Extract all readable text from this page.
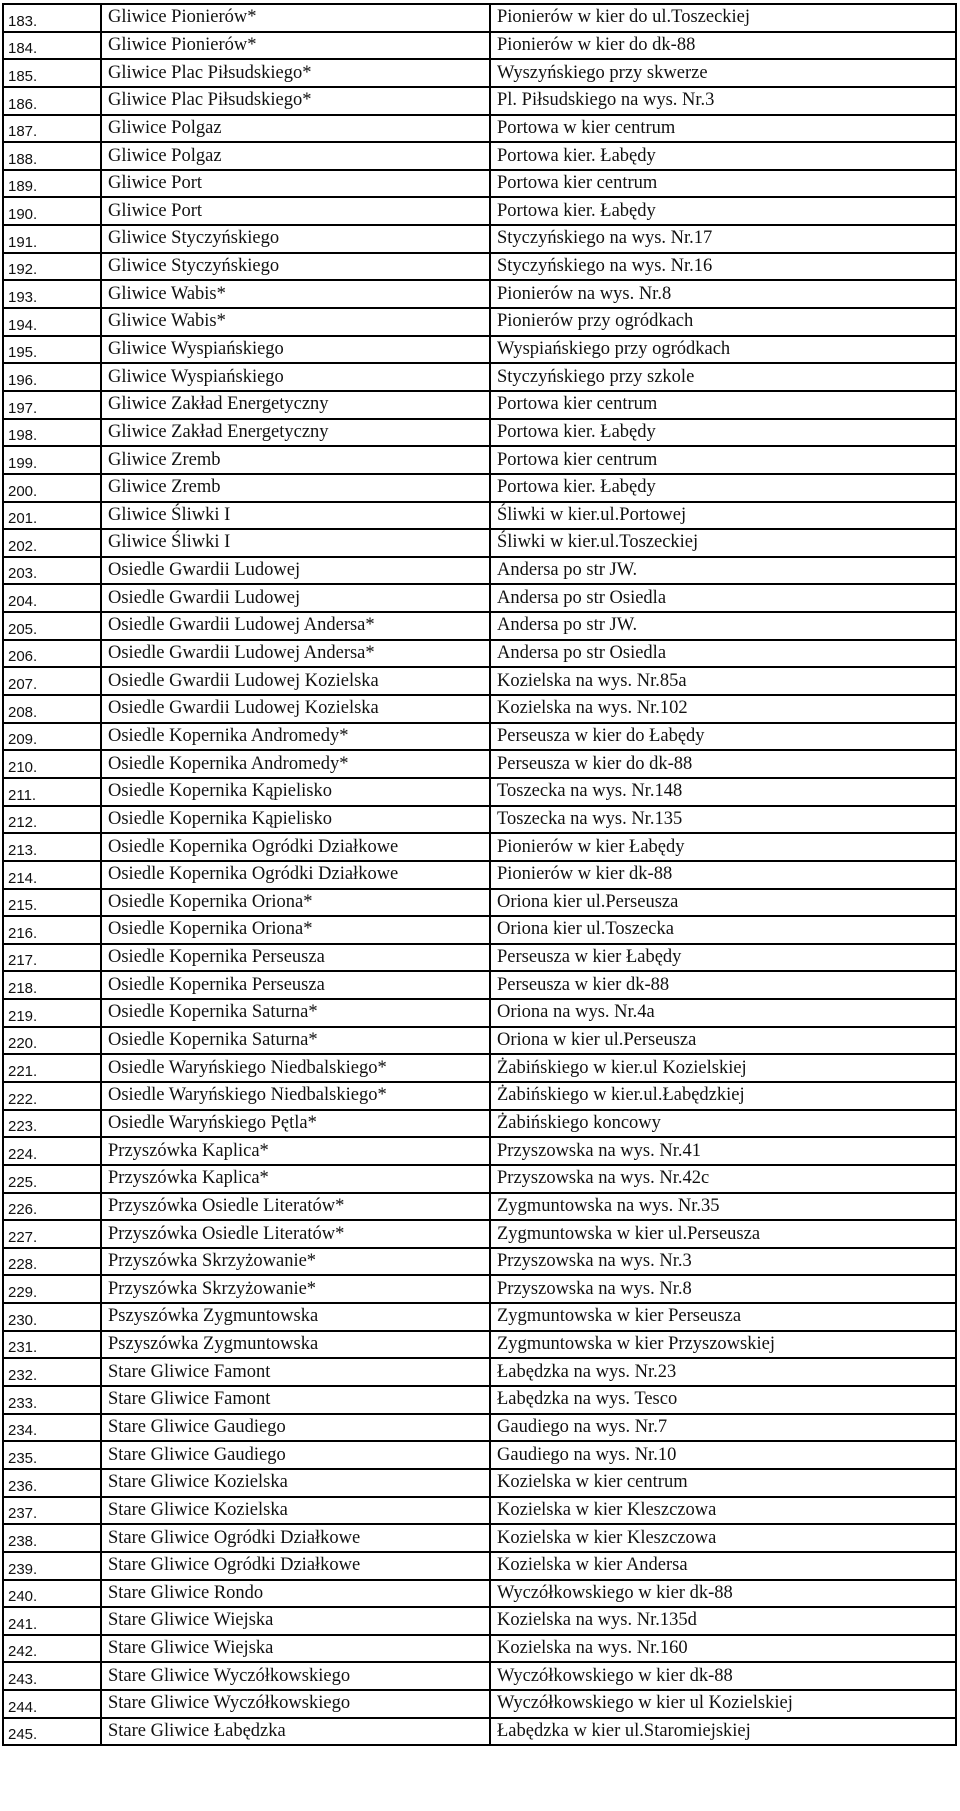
183.	Gliwice Pionierów*	Pionierów w kier do ul.Toszeckiej
184.	Gliwice Pionierów*	Pionierów w kier do dk-88
185.	Gliwice Plac Piłsudskiego*	Wyszyńskiego przy skwerze
186.	Gliwice Plac Piłsudskiego*	Pl. Piłsudskiego na wys. Nr.3
187.	Gliwice Polgaz	Portowa w kier centrum
188.	Gliwice Polgaz	Portowa kier. Łabędy
189.	Gliwice Port	Portowa kier centrum
190.	Gliwice Port	Portowa kier. Łabędy
191.	Gliwice Styczyńskiego	Styczyńskiego na wys. Nr.17
192.	Gliwice Styczyńskiego	Styczyńskiego na wys. Nr.16
193.	Gliwice Wabis*	Pionierów na wys. Nr.8
194.	Gliwice Wabis*	Pionierów przy ogródkach
195.	Gliwice Wyspiańskiego	Wyspiańskiego przy ogródkach
196.	Gliwice Wyspiańskiego	Styczyńskiego przy szkole
197.	Gliwice Zakład Energetyczny	Portowa kier centrum
198.	Gliwice Zakład Energetyczny	Portowa kier. Łabędy
199.	Gliwice Zremb	Portowa kier centrum
200.	Gliwice Zremb	Portowa kier. Łabędy
201.	Gliwice Śliwki I	Śliwki w kier.ul.Portowej
202.	Gliwice Śliwki I	Śliwki w kier.ul.Toszeckiej
203.	Osiedle Gwardii Ludowej	Andersa po str JW.
204.	Osiedle Gwardii Ludowej	Andersa po str Osiedla
205.	Osiedle Gwardii Ludowej Andersa*	Andersa po str JW.
206.	Osiedle Gwardii Ludowej Andersa*	Andersa po str Osiedla
207.	Osiedle Gwardii Ludowej Kozielska	Kozielska na wys. Nr.85a
208.	Osiedle Gwardii Ludowej Kozielska	Kozielska na wys. Nr.102
209.	Osiedle Kopernika Andromedy*	Perseusza w kier do Łabędy
210.	Osiedle Kopernika Andromedy*	Perseusza w kier do dk-88
211.	Osiedle Kopernika Kąpielisko	Toszecka na wys. Nr.148
212.	Osiedle Kopernika Kąpielisko	Toszecka na wys. Nr.135
213.	Osiedle Kopernika Ogródki Działkowe	Pionierów w kier Łabędy
214.	Osiedle Kopernika Ogródki Działkowe	Pionierów w kier dk-88
215.	Osiedle Kopernika Oriona*	Oriona kier ul.Perseusza
216.	Osiedle Kopernika Oriona*	Oriona kier ul.Toszecka
217.	Osiedle Kopernika Perseusza	Perseusza w kier Łabędy
218.	Osiedle Kopernika Perseusza	Perseusza w kier dk-88
219.	Osiedle Kopernika Saturna*	Oriona na wys. Nr.4a
220.	Osiedle Kopernika Saturna*	Oriona w kier ul.Perseusza
221.	Osiedle Waryńskiego Niedbalskiego*	Żabińskiego w kier.ul Kozielskiej
222.	Osiedle Waryńskiego Niedbalskiego*	Żabińskiego w kier.ul.Łabędzkiej
223.	Osiedle Waryńskiego Pętla*	Żabińskiego koncowy
224.	Przyszówka Kaplica*	Przyszowska na wys. Nr.41
225.	Przyszówka Kaplica*	Przyszowska na wys. Nr.42c
226.	Przyszówka Osiedle Literatów*	Zygmuntowska na wys. Nr.35
227.	Przyszówka Osiedle Literatów*	Zygmuntowska w kier ul.Perseusza
228.	Przyszówka Skrzyżowanie*	Przyszowska na wys. Nr.3
229.	Przyszówka Skrzyżowanie*	Przyszowska na wys. Nr.8
230.	Pszyszówka Zygmuntowska	Zygmuntowska w kier Perseusza
231.	Pszyszówka Zygmuntowska	Zygmuntowska w kier Przyszowskiej
232.	Stare Gliwice Famont	Łabędzka na wys. Nr.23
233.	Stare Gliwice Famont	Łabędzka na wys. Tesco
234.	Stare Gliwice Gaudiego	Gaudiego na wys. Nr.7
235.	Stare Gliwice Gaudiego	Gaudiego na wys. Nr.10
236.	Stare Gliwice Kozielska	Kozielska w kier centrum
237.	Stare Gliwice Kozielska	Kozielska w kier Kleszczowa
238.	Stare Gliwice Ogródki Działkowe	Kozielska w kier Kleszczowa
239.	Stare Gliwice Ogródki Działkowe	Kozielska w kier Andersa
240.	Stare Gliwice Rondo	Wyczółkowskiego w kier dk-88
241.	Stare Gliwice Wiejska	Kozielska na wys. Nr.135d
242.	Stare Gliwice Wiejska	Kozielska na wys. Nr.160
243.	Stare Gliwice Wyczółkowskiego	Wyczółkowskiego w kier dk-88
244.	Stare Gliwice Wyczółkowskiego	Wyczółkowskiego w kier ul Kozielskiej
245.	Stare Gliwice Łabędzka	Łabędzka w kier ul.Staromiejskiej
